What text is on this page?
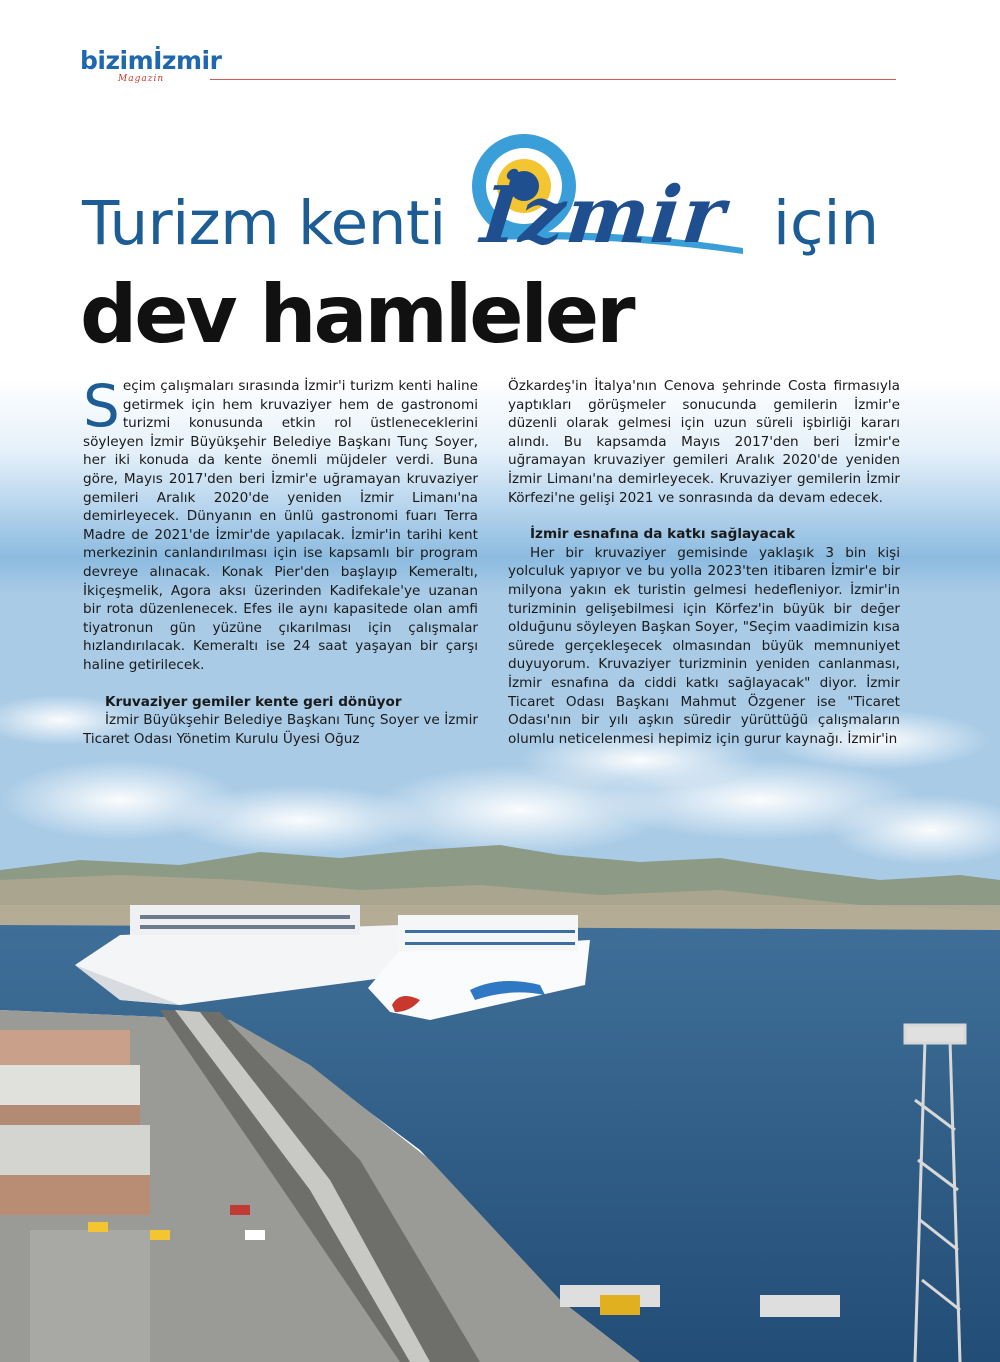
bizimİzmir
Magazin
Turizm kenti İzmir için
dev hamleler

Seçim çalışmaları sırasında İzmir'i turizm kenti haline getirmek için hem kruvaziyer hem de gastronomi turizmi konusunda etkin rol üstleneceklerini söyleyen İzmir Büyükşehir Belediye Başkanı Tunç Soyer, her iki konuda da kente önemli müjdeler verdi. Buna göre, Mayıs 2017'den beri İzmir'e uğramayan kruvaziyer gemileri Aralık 2020'de yeniden İzmir Limanı'na demirleyecek. Dünyanın en ünlü gastronomi fuarı Terra Madre de 2021'de İzmir'de yapılacak. İzmir'in tarihi kent merkezinin canlandırılması için ise kapsamlı bir program devreye alınacak. Konak Pier'den başlayıp Kemeraltı, İkiçeşmelik, Agora aksı üzerinden Kadifekale'ye uzanan bir rota düzenlenecek. Efes ile aynı kapasitede olan amfi tiyatronun gün yüzüne çıkarılması için çalışmalar hızlandırılacak. Kemeraltı ise 24 saat yaşayan bir çarşı haline getirilecek.

Kruvaziyer gemiler kente geri dönüyor

İzmir Büyükşehir Belediye Başkanı Tunç Soyer ve İzmir Ticaret Odası Yönetim Kurulu Üyesi Oğuz

Özkardeş'in İtalya'nın Cenova şehrinde Costa firmasıyla yaptıkları görüşmeler sonucunda gemilerin İzmir'e düzenli olarak gelmesi için uzun süreli işbirliği kararı alındı. Bu kapsamda Mayıs 2017'den beri İzmir'e uğramayan kruvaziyer gemileri Aralık 2020'de yeniden İzmir Limanı'na demirleyecek. Kruvaziyer gemilerin İzmir Körfezi'ne gelişi 2021 ve sonrasında da devam edecek.

İzmir esnafına da katkı sağlayacak

Her bir kruvaziyer gemisinde yaklaşık 3 bin kişi yolculuk yapıyor ve bu yolla 2023'ten itibaren İzmir'e bir milyona yakın ek turistin gelmesi hedefleniyor. İzmir'in turizminin gelişebilmesi için Körfez'in büyük bir değer olduğunu söyleyen Başkan Soyer, "Seçim vaadimizin kısa sürede gerçekleşecek olmasından büyük memnuniyet duyuyorum. Kruvaziyer turizminin yeniden canlanması, İzmir esnafına da ciddi katkı sağlayacak" diyor. İzmir Ticaret Odası Başkanı Mahmut Özgener ise "Ticaret Odası'nın bir yılı aşkın süredir yürüttüğü çalışmaların olumlu neticelenmesi hepimiz için gurur kaynağı. İzmir'in
